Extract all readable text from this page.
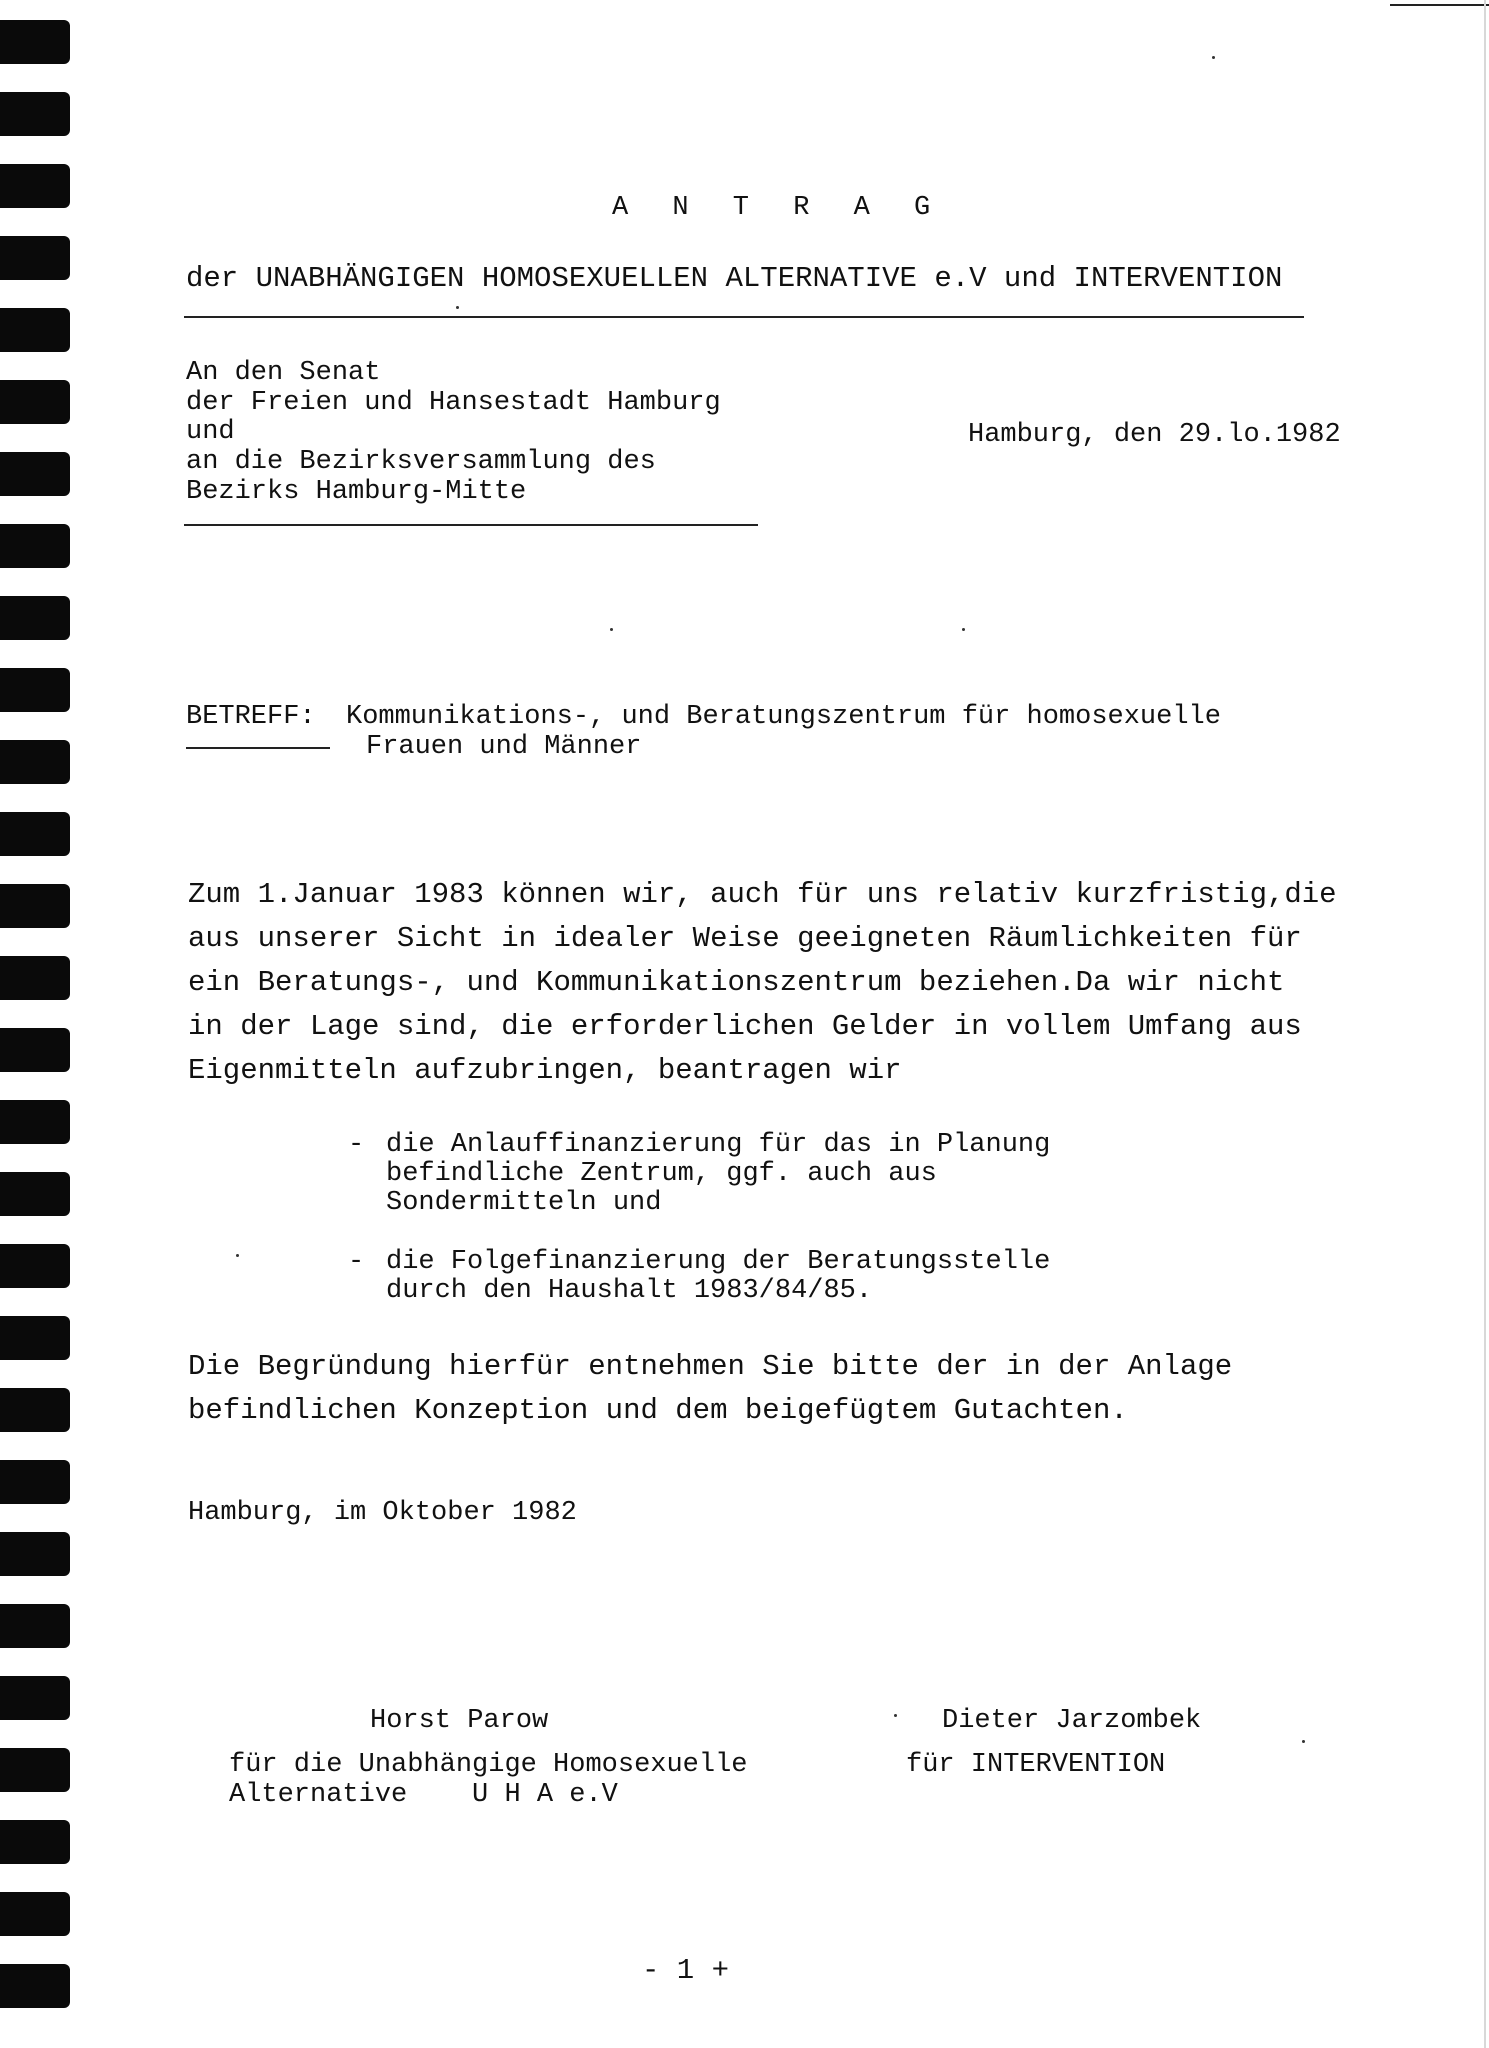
A N T R A G
der UNABHÄNGIGEN HOMOSEXUELLEN ALTERNATIVE e.V und INTERVENTION
An den Senat
der Freien und Hansestadt Hamburg
und
an die Bezirksversammlung des
Bezirks Hamburg-Mitte
Hamburg, den 29.lo.1982
BETREFF: Kommunikations-, und Beratungszentrum für homosexuelle
Frauen und Männer
Zum 1.Januar 1983 können wir, auch für uns relativ kurzfristig,die
aus unserer Sicht in idealer Weise geeigneten Räumlichkeiten für
ein Beratungs-, und Kommunikationszentrum beziehen.Da wir nicht
in der Lage sind, die erforderlichen Gelder in vollem Umfang aus
Eigenmitteln aufzubringen, beantragen wir
- die Anlauffinanzierung für das in Planung
befindliche Zentrum, ggf. auch aus
Sondermitteln und
- die Folgefinanzierung der Beratungsstelle
durch den Haushalt 1983/84/85.
Die Begründung hierfür entnehmen Sie bitte der in der Anlage
befindlichen Konzeption und dem beigefügtem Gutachten.
Hamburg, im Oktober 1982
Horst Parow
für die Unabhängige Homosexuelle
Alternative    U H A e.V
Dieter Jarzombek
für INTERVENTION
- 1 +
